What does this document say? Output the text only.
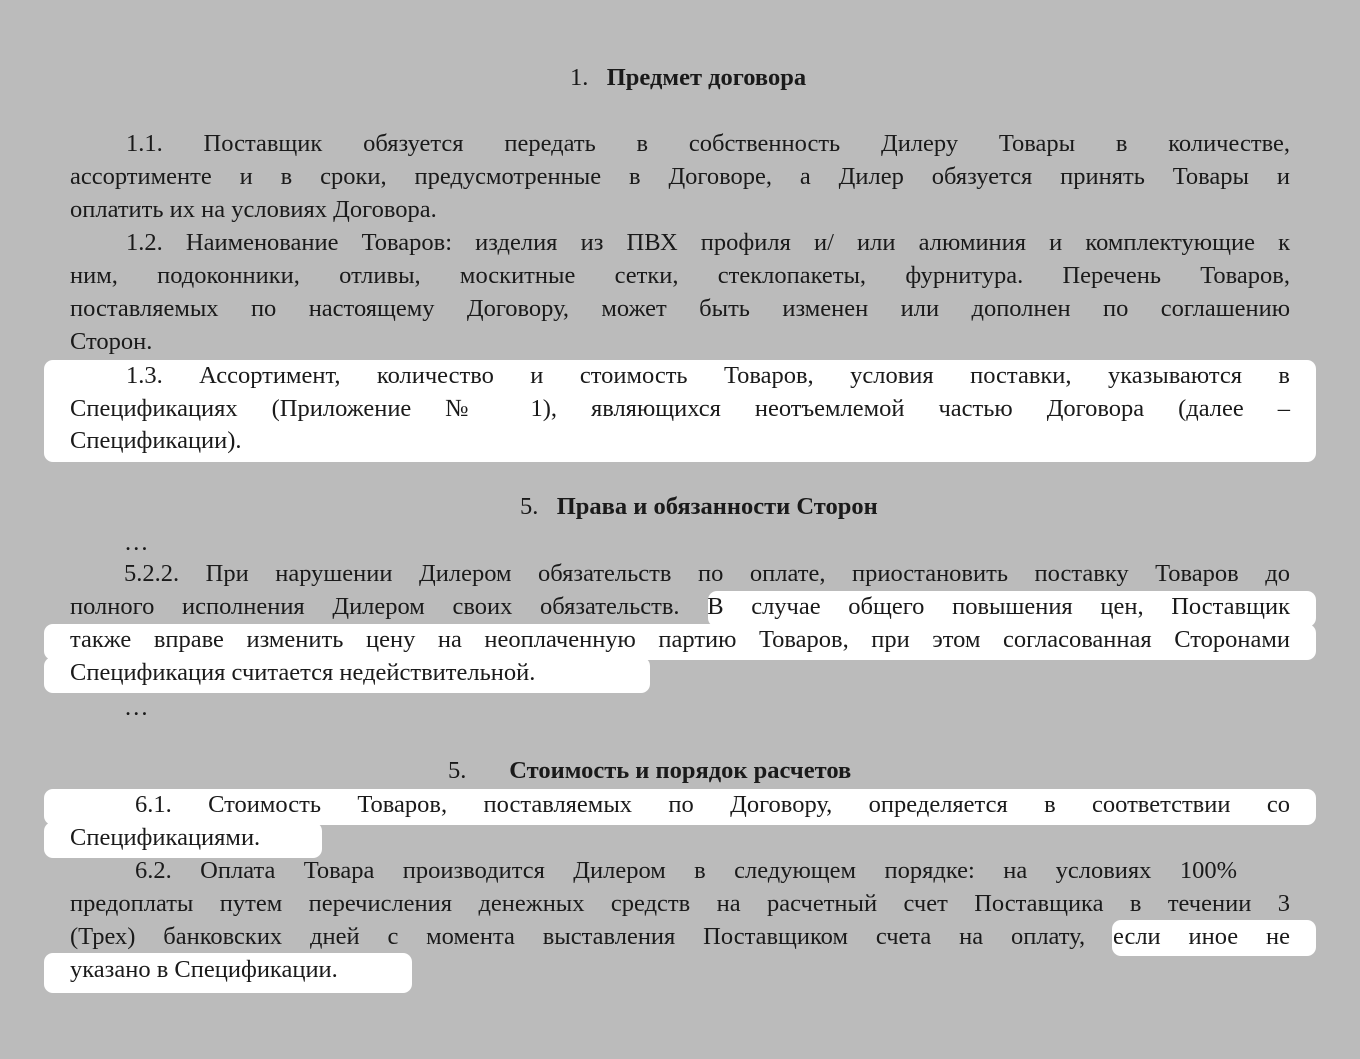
1. Предмет договора
1.1. Поставщик обязуется передать в собственность Дилеру Товары в количестве,
ассортименте и в сроки, предусмотренные в Договоре, а Дилер обязуется принять Товары и
оплатить их на условиях Договора.
1.2. Наименование Товаров: изделия из ПВХ профиля и/ или алюминия и комплектующие к
ним, подоконники, отливы, москитные сетки, стеклопакеты, фурнитура. Перечень Товаров,
поставляемых по настоящему Договору, может быть изменен или дополнен по соглашению
Сторон.
1.3. Ассортимент, количество и стоимость Товаров, условия поставки, указываются в
Спецификациях (Приложение № 1), являющихся неотъемлемой частью Договора (далее –
Спецификации).
5. Права и обязанности Сторон
…
5.2.2. При нарушении Дилером обязательств по оплате, приостановить поставку Товаров до
полного исполнения Дилером своих обязательств. В случае общего повышения цен, Поставщик
также вправе изменить цену на неоплаченную партию Товаров, при этом согласованная Сторонами
Спецификация считается недействительной.
…
5. Стоимость и порядок расчетов
6.1. Стоимость Товаров, поставляемых по Договору, определяется в соответствии со
Спецификациями.
6.2. Оплата Товара производится Дилером в следующем порядке: на условиях 100%
предоплаты путем перечисления денежных средств на расчетный счет Поставщика в течении 3
(Трех) банковских дней с момента выставления Поставщиком счета на оплату, если иное не
указано в Спецификации.
